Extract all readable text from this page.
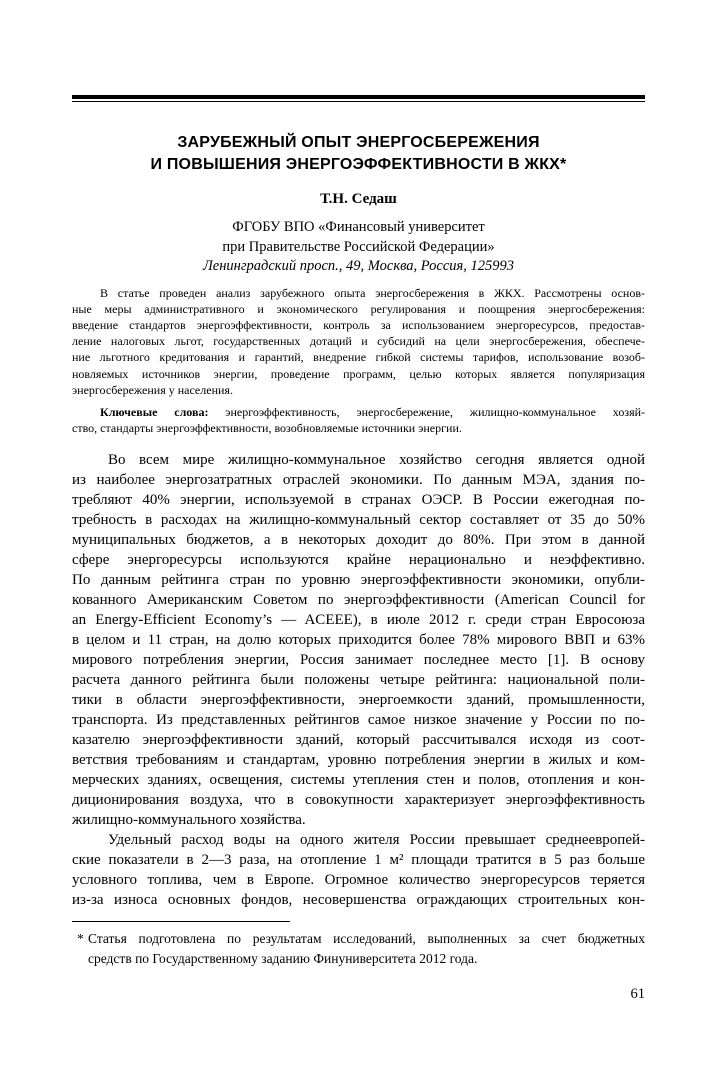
ЗАРУБЕЖНЫЙ ОПЫТ ЭНЕРГОСБЕРЕЖЕНИЯ
И ПОВЫШЕНИЯ ЭНЕРГОЭФФЕКТИВНОСТИ В ЖКХ*
Т.Н. Седаш
ФГОБУ ВПО «Финансовый университет
при Правительстве Российской Федерации»
Ленинградский просп., 49, Москва, Россия, 125993
В статье проведен анализ зарубежного опыта энергосбережения в ЖКХ. Рассмотрены основ-
ные меры административного и экономического регулирования и поощрения энергосбережения:
введение стандартов энергоэффективности, контроль за использованием энергоресурсов, предостав-
ление налоговых льгот, государственных дотаций и субсидий на цели энергосбережения, обеспече-
ние льготного кредитования и гарантий, внедрение гибкой системы тарифов, использование возоб-
новляемых источников энергии, проведение программ, целью которых является популяризация
энергосбережения у населения.
Ключевые слова: энергоэффективность, энергосбережение, жилищно-коммунальное хозяй-
ство, стандарты энергоэффективности, возобновляемые источники энергии.
Во всем мире жилищно-коммунальное хозяйство сегодня является одной
из наиболее энергозатратных отраслей экономики. По данным МЭА, здания по-
требляют 40% энергии, используемой в странах ОЭСР. В России ежегодная по-
требность в расходах на жилищно-коммунальный сектор составляет от 35 до 50%
муниципальных бюджетов, а в некоторых доходит до 80%. При этом в данной
сфере энергоресурсы используются крайне нерационально и неэффективно.
По данным рейтинга стран по уровню энергоэффективности экономики, опубли-
кованного Американским Советом по энергоэффективности (American Council for
an Energy-Efficient Economy’s — ACEEE), в июле 2012 г. среди стран Евросоюза
в целом и 11 стран, на долю которых приходится более 78% мирового ВВП и 63%
мирового потребления энергии, Россия занимает последнее место [1]. В основу
расчета данного рейтинга были положены четыре рейтинга: национальной поли-
тики в области энергоэффективности, энергоемкости зданий, промышленности,
транспорта. Из представленных рейтингов самое низкое значение у России по по-
казателю энергоэффективности зданий, который рассчитывался исходя из соот-
ветствия требованиям и стандартам, уровню потребления энергии в жилых и ком-
мерческих зданиях, освещения, системы утепления стен и полов, отопления и кон-
диционирования воздуха, что в совокупности характеризует энергоэффективность
жилищно-коммунального хозяйства.
Удельный расход воды на одного жителя России превышает среднеевропей-
ские показатели в 2—3 раза, на отопление 1 м² площади тратится в 5 раз больше
условного топлива, чем в Европе. Огромное количество энергоресурсов теряется
из-за износа основных фондов, несовершенства ограждающих строительных кон-
* Статья подготовлена по результатам исследований, выполненных за счет бюджетных
средств по Государственному заданию Финуниверситета 2012 года.
61
